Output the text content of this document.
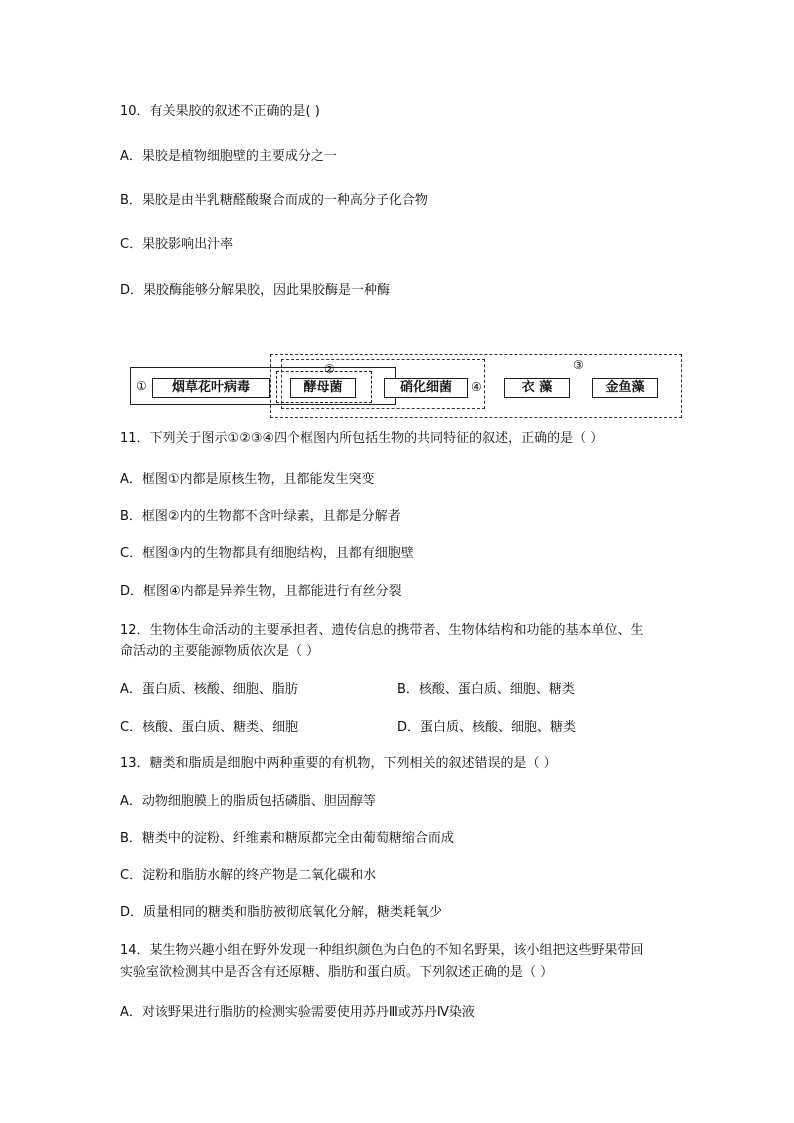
10．有关果胶的叙述不正确的是( )
A．果胶是植物细胞壁的主要成分之一
B．果胶是由半乳糖醛酸聚合而成的一种高分子化合物
C．果胶影响出汁率
D．果胶酶能够分解果胶，因此果胶酶是一种酶
①	烟草花叶病毒
②
酵母菌	硝化细菌	④
③
衣 藻	金鱼藻
11．下列关于图示①②③④四个框图内所包括生物的共同特征的叙述，正确的是（ ）
A．框图①内都是原核生物，且都能发生突变
B．框图②内的生物都不含叶绿素，且都是分解者
C．框图③内的生物都具有细胞结构，且都有细胞壁
D．框图④内都是异养生物，且都能进行有丝分裂
12．生物体生命活动的主要承担者、遗传信息的携带者、生物体结构和功能的基本单位、生
命活动的主要能源物质依次是（ ）
A．蛋白质、核酸、细胞、脂肪	B．核酸、蛋白质、细胞、糖类
C．核酸、蛋白质、糖类、细胞	D．蛋白质、核酸、细胞、糖类
13．糖类和脂质是细胞中两种重要的有机物，下列相关的叙述错误的是（ ）
A．动物细胞膜上的脂质包括磷脂、胆固醇等
B．糖类中的淀粉、纤维素和糖原都完全由葡萄糖缩合而成
C．淀粉和脂肪水解的终产物是二氧化碳和水
D．质量相同的糖类和脂肪被彻底氧化分解，糖类耗氧少
14．某生物兴趣小组在野外发现一种组织颜色为白色的不知名野果，该小组把这些野果带回
实验室欲检测其中是否含有还原糖、脂肪和蛋白质。下列叙述正确的是（ ）
A．对该野果进行脂肪的检测实验需要使用苏丹Ⅲ或苏丹Ⅳ染液
